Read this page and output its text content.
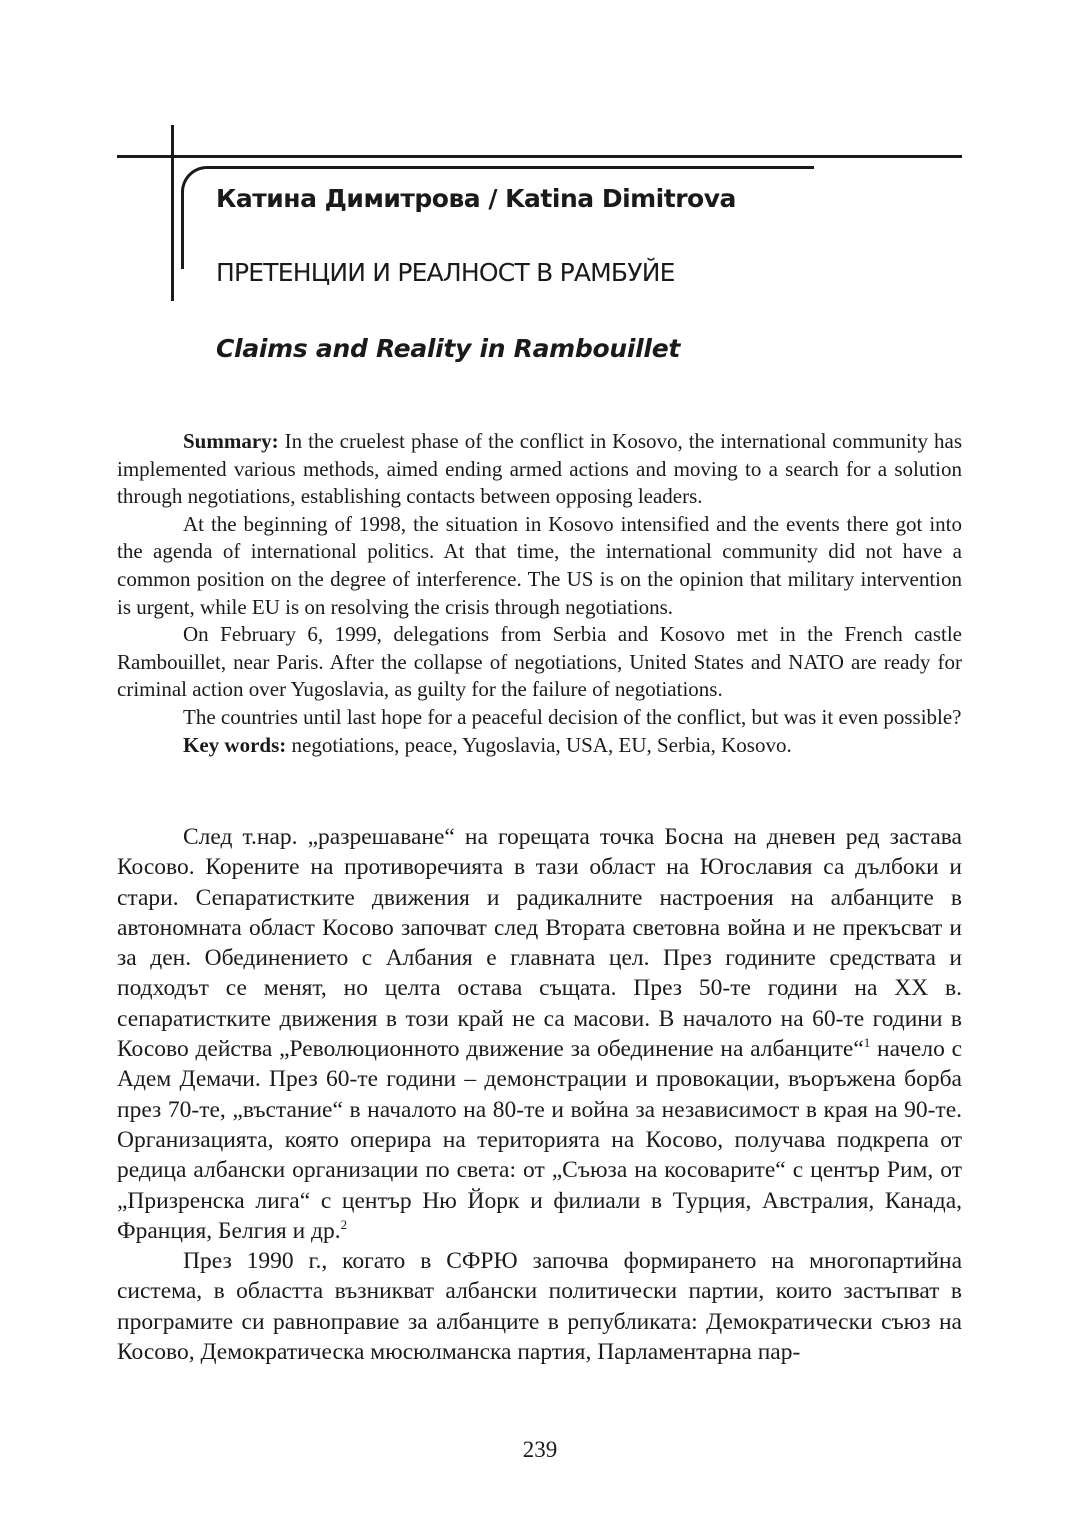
Катина Димитрова / Katina Dimitrova
ПРЕТЕНЦИИ И РЕАЛНОСТ В РАМБУЙЕ
Claims and Reality in Rambouillet

Summary: In the cruelest phase of the conflict in Kosovo, the international community has implemented various methods, aimed ending armed actions and moving to a search for a solution through negotiations, establishing contacts between opposing leaders.

At the beginning of 1998, the situation in Kosovo intensified and the events there got into the agenda of international politics. At that time, the international community did not have a common position on the degree of interference. The US is on the opinion that military intervention is urgent, while EU is on resolving the crisis through negotiations.

On February 6, 1999, delegations from Serbia and Kosovo met in the French castle Rambouillet, near Paris. After the collapse of negotiations, United States and NATO are ready for criminal action over Yugoslavia, as guilty for the failure of negotiations.

The countries until last hope for a peaceful decision of the conflict, but was it even possible?

Key words: negotiations, peace, Yugoslavia, USA, EU, Serbia, Kosovo.

След т.нар. „разрешаване“ на горещата точка Босна на дневен ред застава Косово. Корените на противоречията в тази област на Югославия са дълбоки и стари. Сепаратистките движения и радикалните настроения на албанците в автономната област Косово започват след Втората световна война и не прекъсват и за ден. Обединението с Албания е главната цел. През годините средствата и подходът се менят, но целта остава същата. През 50-те години на XX в. сепаратистките движения в този край не са масови. В началото на 60-те години в Косово действа „Революционното движение за обединение на албанците“$^1$ начело с Адем Демачи. През 60-те години – демонстрации и провокации, въоръжена борба през 70-те, „въстание“ в началото на 80-те и война за независимост в края на 90-те. Организацията, която оперира на територията на Косово, получава подкрепа от редица албански организации по света: от „Съюза на косоварите“ с център Рим, от „Призренска лига“ с център Ню Йорк и филиали в Турция, Австралия, Канада, Франция, Белгия и др.$^2$

През 1990 г., когато в СФРЮ започва формирането на многопартийна система, в областта възникват албански политически партии, които застъпват в програмите си равноправие за албанците в републиката: Демократически съюз на Косово, Демократическа мюсюлманска партия, Парламентарна пар-

239
